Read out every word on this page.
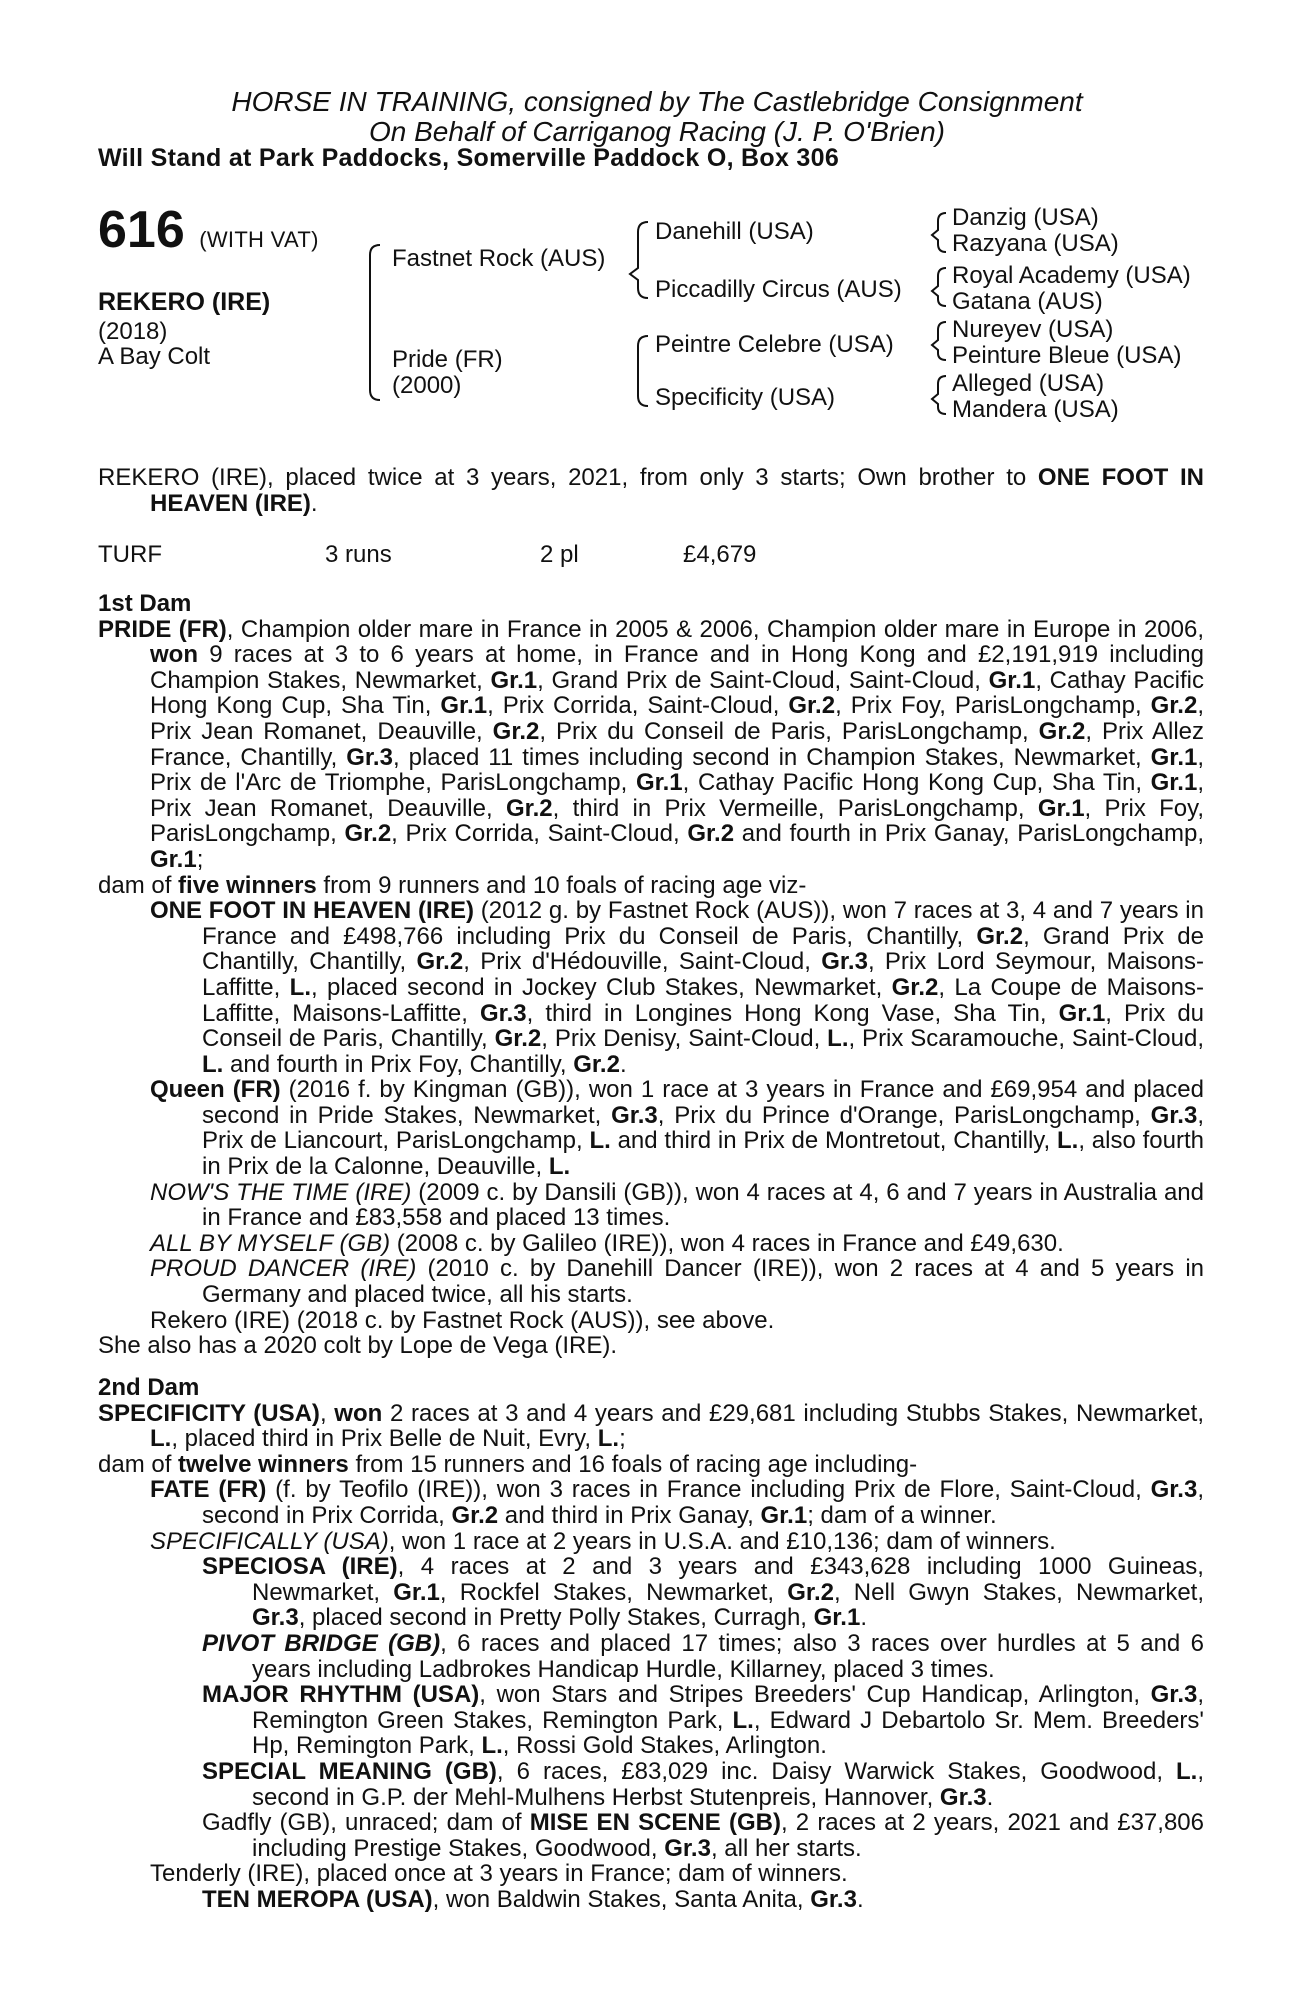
HORSE IN TRAINING, consigned by The Castlebridge Consignment
On Behalf of Carriganog Racing (J. P. O'Brien)
Will Stand at Park Paddocks, Somerville Paddock O, Box 306
616 (WITH VAT)
REKERO (IRE)
(2018)
A Bay Colt
Fastnet Rock (AUS)
Pride (FR)
(2000)
Danehill (USA)
Piccadilly Circus (AUS)
Peintre Celebre (USA)
Specificity (USA)
Danzig (USA)
Razyana (USA)
Royal Academy (USA)
Gatana (AUS)
Nureyev (USA)
Peinture Bleue (USA)
Alleged (USA)
Mandera (USA)

REKERO (IRE), placed twice at 3 years, 2021, from only 3 starts; Own brother to ONE FOOT IN HEAVEN (IRE).

TURF	3 runs	2 pl	£4,679

1st Dam

PRIDE (FR), Champion older mare in France in 2005 & 2006, Champion older mare in Europe in 2006, won 9 races at 3 to 6 years at home, in France and in Hong Kong and £2,191,919 including Champion Stakes, Newmarket, Gr.1, Grand Prix de Saint-Cloud, Saint-Cloud, Gr.1, Cathay Pacific Hong Kong Cup, Sha Tin, Gr.1, Prix Corrida, Saint-Cloud, Gr.2, Prix Foy, ParisLongchamp, Gr.2, Prix Jean Romanet, Deauville, Gr.2, Prix du Conseil de Paris, ParisLongchamp, Gr.2, Prix Allez France, Chantilly, Gr.3, placed 11 times including second in Champion Stakes, Newmarket, Gr.1, Prix de l'Arc de Triomphe, ParisLongchamp, Gr.1, Cathay Pacific Hong Kong Cup, Sha Tin, Gr.1, Prix Jean Romanet, Deauville, Gr.2, third in Prix Vermeille, ParisLongchamp, Gr.1, Prix Foy, ParisLongchamp, Gr.2, Prix Corrida, Saint-Cloud, Gr.2 and fourth in Prix Ganay, ParisLongchamp, Gr.1;

dam of five winners from 9 runners and 10 foals of racing age viz-

ONE FOOT IN HEAVEN (IRE) (2012 g. by Fastnet Rock (AUS)), won 7 races at 3, 4 and 7 years in France and £498,766 including Prix du Conseil de Paris, Chantilly, Gr.2, Grand Prix de Chantilly, Chantilly, Gr.2, Prix d'Hédouville, Saint-Cloud, Gr.3, Prix Lord Seymour, Maisons-Laffitte, L., placed second in Jockey Club Stakes, Newmarket, Gr.2, La Coupe de Maisons-Laffitte, Maisons-Laffitte, Gr.3, third in Longines Hong Kong Vase, Sha Tin, Gr.1, Prix du Conseil de Paris, Chantilly, Gr.2, Prix Denisy, Saint-Cloud, L., Prix Scaramouche, Saint-Cloud, L. and fourth in Prix Foy, Chantilly, Gr.2.

Queen (FR) (2016 f. by Kingman (GB)), won 1 race at 3 years in France and £69,954 and placed second in Pride Stakes, Newmarket, Gr.3, Prix du Prince d'Orange, ParisLongchamp, Gr.3, Prix de Liancourt, ParisLongchamp, L. and third in Prix de Montretout, Chantilly, L., also fourth in Prix de la Calonne, Deauville, L.

NOW'S THE TIME (IRE) (2009 c. by Dansili (GB)), won 4 races at 4, 6 and 7 years in Australia and in France and £83,558 and placed 13 times.

ALL BY MYSELF (GB) (2008 c. by Galileo (IRE)), won 4 races in France and £49,630.

PROUD DANCER (IRE) (2010 c. by Danehill Dancer (IRE)), won 2 races at 4 and 5 years in Germany and placed twice, all his starts.

Rekero (IRE) (2018 c. by Fastnet Rock (AUS)), see above.

She also has a 2020 colt by Lope de Vega (IRE).

2nd Dam

SPECIFICITY (USA), won 2 races at 3 and 4 years and £29,681 including Stubbs Stakes, Newmarket, L., placed third in Prix Belle de Nuit, Evry, L.;

dam of twelve winners from 15 runners and 16 foals of racing age including-

FATE (FR) (f. by Teofilo (IRE)), won 3 races in France including Prix de Flore, Saint-Cloud, Gr.3, second in Prix Corrida, Gr.2 and third in Prix Ganay, Gr.1; dam of a winner.

SPECIFICALLY (USA), won 1 race at 2 years in U.S.A. and £10,136; dam of winners.

SPECIOSA (IRE), 4 races at 2 and 3 years and £343,628 including 1000 Guineas, Newmarket, Gr.1, Rockfel Stakes, Newmarket, Gr.2, Nell Gwyn Stakes, Newmarket, Gr.3, placed second in Pretty Polly Stakes, Curragh, Gr.1.

PIVOT BRIDGE (GB), 6 races and placed 17 times; also 3 races over hurdles at 5 and 6 years including Ladbrokes Handicap Hurdle, Killarney, placed 3 times.

MAJOR RHYTHM (USA), won Stars and Stripes Breeders' Cup Handicap, Arlington, Gr.3, Remington Green Stakes, Remington Park, L., Edward J Debartolo Sr. Mem. Breeders' Hp, Remington Park, L., Rossi Gold Stakes, Arlington.

SPECIAL MEANING (GB), 6 races, £83,029 inc. Daisy Warwick Stakes, Goodwood, L., second in G.P. der Mehl-Mulhens Herbst Stutenpreis, Hannover, Gr.3.

Gadfly (GB), unraced; dam of MISE EN SCENE (GB), 2 races at 2 years, 2021 and £37,806 including Prestige Stakes, Goodwood, Gr.3, all her starts.

Tenderly (IRE), placed once at 3 years in France; dam of winners.

TEN MEROPA (USA), won Baldwin Stakes, Santa Anita, Gr.3.
